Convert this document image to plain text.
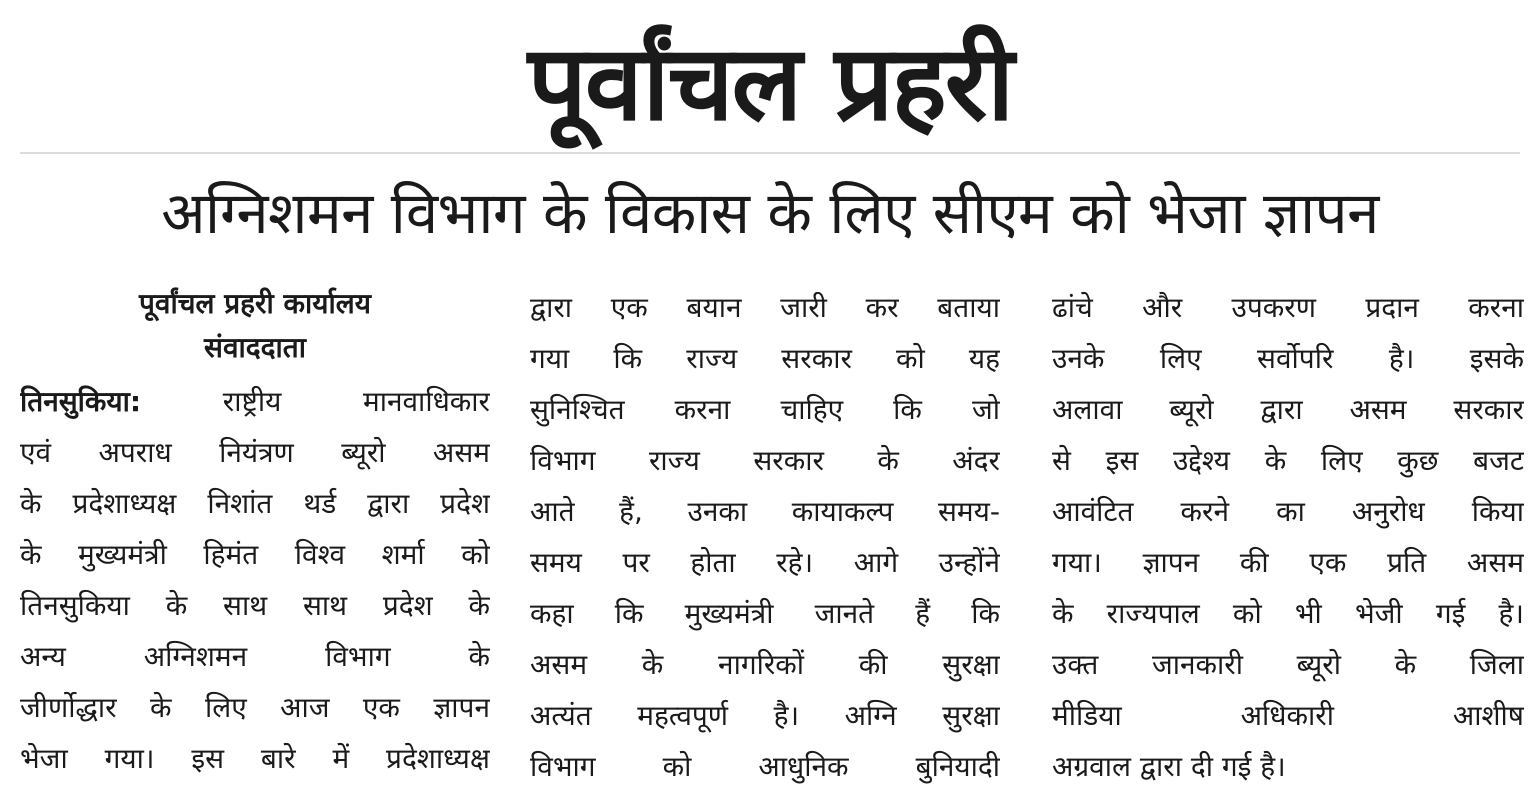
पूर्वांचल प्रहरी
अग्निशमन विभाग के विकास के लिए सीएम को भेजा ज्ञापन
पूर्वांचल प्रहरी कार्यालय
संवाददाता
तिनसुकिया:	राष्ट्रीय मानवाधिकार
एवं अपराध नियंत्रण ब्यूरो असम
के प्रदेशाध्यक्ष निशांत थर्ड द्वारा प्रदेश
के मुख्यमंत्री हिमंत विश्व शर्मा को
तिनसुकिया के साथ साथ प्रदेश के
अन्य अग्निशमन विभाग के
जीर्णोद्धार के लिए आज एक ज्ञापन
भेजा गया। इस बारे में प्रदेशाध्यक्ष
द्वारा एक बयान जारी कर बताया
गया कि राज्य सरकार को यह
सुनिश्चित करना चाहिए कि जो
विभाग राज्य सरकार के अंदर
आते हैं, उनका कायाकल्प समय-
समय पर होता रहे। आगे उन्होंने
कहा कि मुख्यमंत्री जानते हैं कि
असम के नागरिकों की सुरक्षा
अत्यंत महत्वपूर्ण है। अग्नि सुरक्षा
विभाग को आधुनिक बुनियादी
ढांचे और उपकरण प्रदान करना
उनके लिए सर्वोपरि है। इसके
अलावा ब्यूरो द्वारा असम सरकार
से इस उद्देश्य के लिए कुछ बजट
आवंटित करने का अनुरोध किया
गया। ज्ञापन की एक प्रति असम
के राज्यपाल को भी भेजी गई है।
उक्त जानकारी ब्यूरो के जिला
मीडिया अधिकारी आशीष
अग्रवाल द्वारा दी गई है।
